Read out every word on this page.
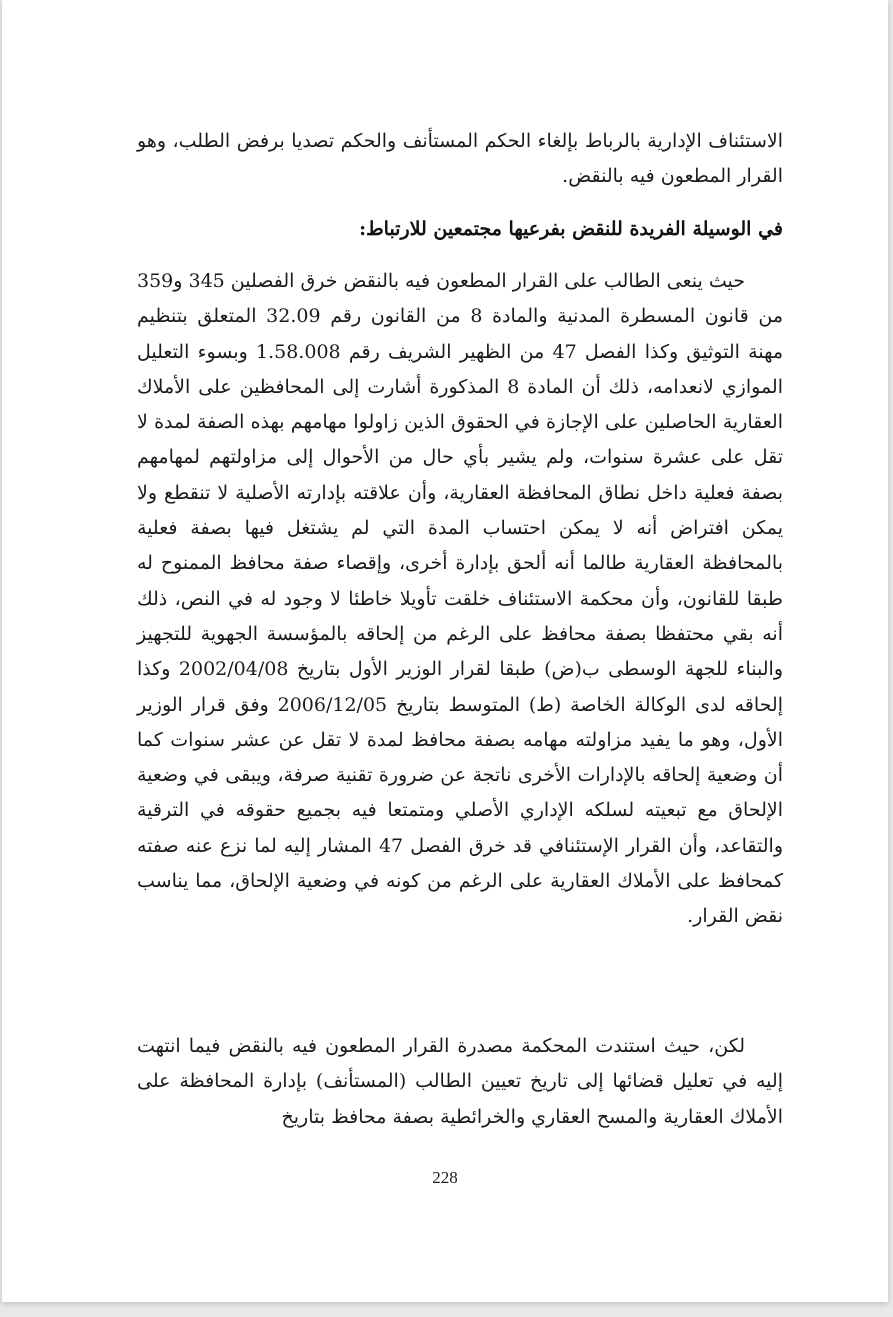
الاستئناف الإدارية بالرباط بإلغاء الحكم المستأنف والحكم تصديا برفض الطلب، وهو القرار المطعون فيه بالنقض.

في الوسيلة الفريدة للنقض بفرعيها مجتمعين للارتباط:

حيث ينعى الطالب على القرار المطعون فيه بالنقض خرق الفصلين 345 و359 من قانون المسطرة المدنية والمادة 8 من القانون رقم 32.09 المتعلق بتنظيم مهنة التوثيق وكذا الفصل 47 من الظهير الشريف رقم 1.58.008 وبسوء التعليل الموازي لانعدامه، ذلك أن المادة 8 المذكورة أشارت إلى المحافظين على الأملاك العقارية الحاصلين على الإجازة في الحقوق الذين زاولوا مهامهم بهذه الصفة لمدة لا تقل على عشرة سنوات، ولم يشير بأي حال من الأحوال إلى مزاولتهم لمهامهم بصفة فعلية داخل نطاق المحافظة العقارية، وأن علاقته بإدارته الأصلية لا تنقطع ولا يمكن افتراض أنه لا يمكن احتساب المدة التي لم يشتغل فيها بصفة فعلية بالمحافظة العقارية طالما أنه ألحق بإدارة أخرى، وإقصاء صفة محافظ الممنوح له طبقا للقانون، وأن محكمة الاستئناف خلقت تأويلا خاطئا لا وجود له في النص، ذلك أنه بقي محتفظا بصفة محافظ على الرغم من إلحاقه بالمؤسسة الجهوية للتجهيز والبناء للجهة الوسطى ب(ض) طبقا لقرار الوزير الأول بتاريخ 2002/04/08 وكذا إلحاقه لدى الوكالة الخاصة (ط) المتوسط بتاريخ 2006/12/05 وفق قرار الوزير الأول، وهو ما يفيد مزاولته مهامه بصفة محافظ لمدة لا تقل عن عشر سنوات كما أن وضعية إلحاقه بالإدارات الأخرى ناتجة عن ضرورة تقنية صرفة، ويبقى في وضعية الإلحاق مع تبعيته لسلكه الإداري الأصلي ومتمتعا فيه بجميع حقوقه في الترقية والتقاعد، وأن القرار الإستئنافي قد خرق الفصل 47 المشار إليه لما نزع عنه صفته كمحافظ على الأملاك العقارية على الرغم من كونه في وضعية الإلحاق، مما يناسب نقض القرار.

لكن، حيث استندت المحكمة مصدرة القرار المطعون فيه بالنقض فيما انتهت إليه في تعليل قضائها إلى تاريخ تعيين الطالب (المستأنف) بإدارة المحافظة على الأملاك العقارية والمسح العقاري والخرائطية بصفة محافظ بتاريخ

228
